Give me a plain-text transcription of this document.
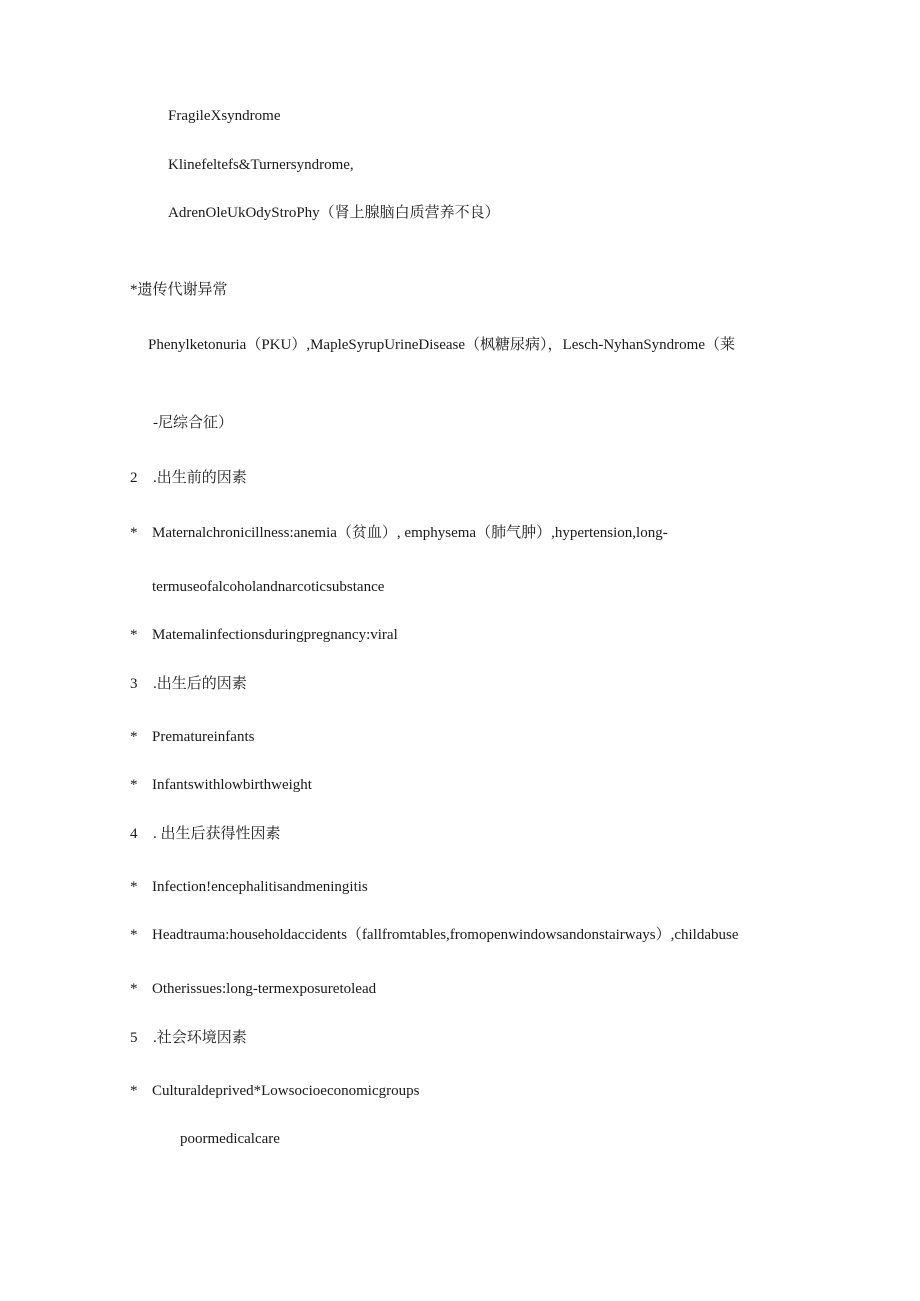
FragileXsyndrome
Klinefeltefs&Turnersyndrome,
AdrenOleUkOdyStroPhy（肾上腺脑白质营养不良）
*遗传代谢异常
Phenylketonuria（PKU）,MapleSyrupUrineDisease（枫糖尿病），Lesch-NyhanSyndrome（莱
-尼综合征）
2 .出生前的因素
* Maternalchronicillness:anemia（贫血）, emphysema（肺气肿）,hypertension,long-
termuseofalcoholandnarcoticsubstance
* Matemalinfectionsduringpregnancy:viral
3 .出生后的因素
* Prematureinfants
* Infantswithlowbirthweight
4 . 出生后获得性因素
* Infection!encephalitisandmeningitis
* Headtrauma:householdaccidents（fallfromtables,fromopenwindowsandonstairways）,childabuse
* Otherissues:long-termexposuretolead
5 .社会环境因素
* Culturaldeprived*Lowsocioeconomicgroups
poormedicalcare
